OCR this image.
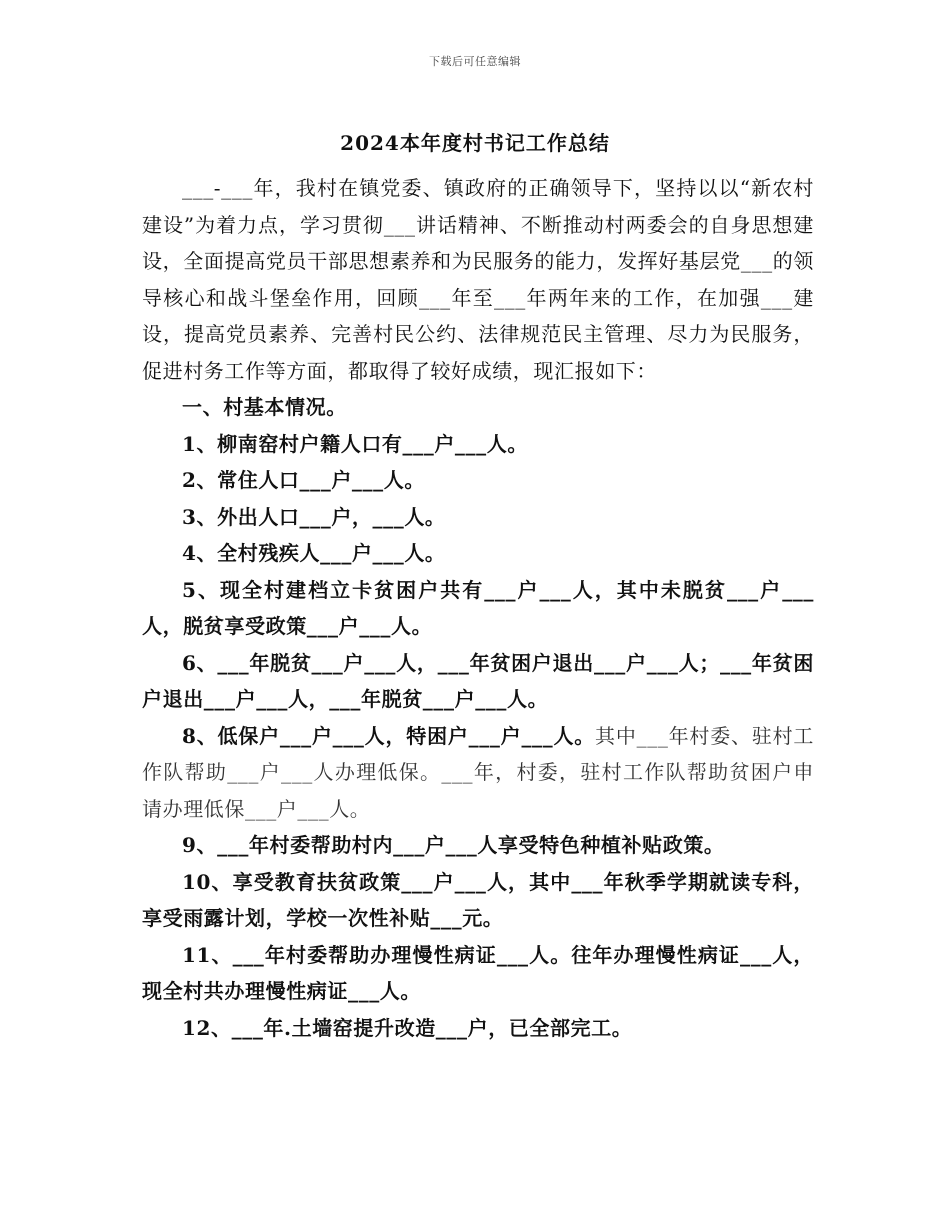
下载后可任意编辑
2024本年度村书记工作总结

___-___年，我村在镇党委、镇政府的正确领导下，坚持以以“新农村建设”为着力点，学习贯彻___讲话精神、不断推动村两委会的自身思想建设，全面提高党员干部思想素养和为民服务的能力，发挥好基层党___的领导核心和战斗堡垒作用，回顾___年至___年两年来的工作，在加强___建设，提高党员素养、完善村民公约、法律规范民主管理、尽力为民服务，促进村务工作等方面，都取得了较好成绩，现汇报如下：

一、村基本情况。

1、柳南窑村户籍人口有___户___人。

2、常住人口___户___人。

3、外出人口___户，___人。

4、全村残疾人___户___人。

5、现全村建档立卡贫困户共有___户___人，其中未脱贫___户___人，脱贫享受政策___户___人。

6、___年脱贫___户___人，___年贫困户退出___户___人；___年贫困户退出___户___人，___年脱贫___户___人。

8、低保户___户___人，特困户___户___人。其中___年村委、驻村工作队帮助___户___人办理低保。___年，村委，驻村工作队帮助贫困户申请办理低保___户___人。

9、___年村委帮助村内___户___人享受特色种植补贴政策。

10、享受教育扶贫政策___户___人，其中___年秋季学期就读专科，享受雨露计划，学校一次性补贴___元。

11、___年村委帮助办理慢性病证___人。往年办理慢性病证___人，现全村共办理慢性病证___人。

12、___年.土墙窑提升改造___户，已全部完工。
